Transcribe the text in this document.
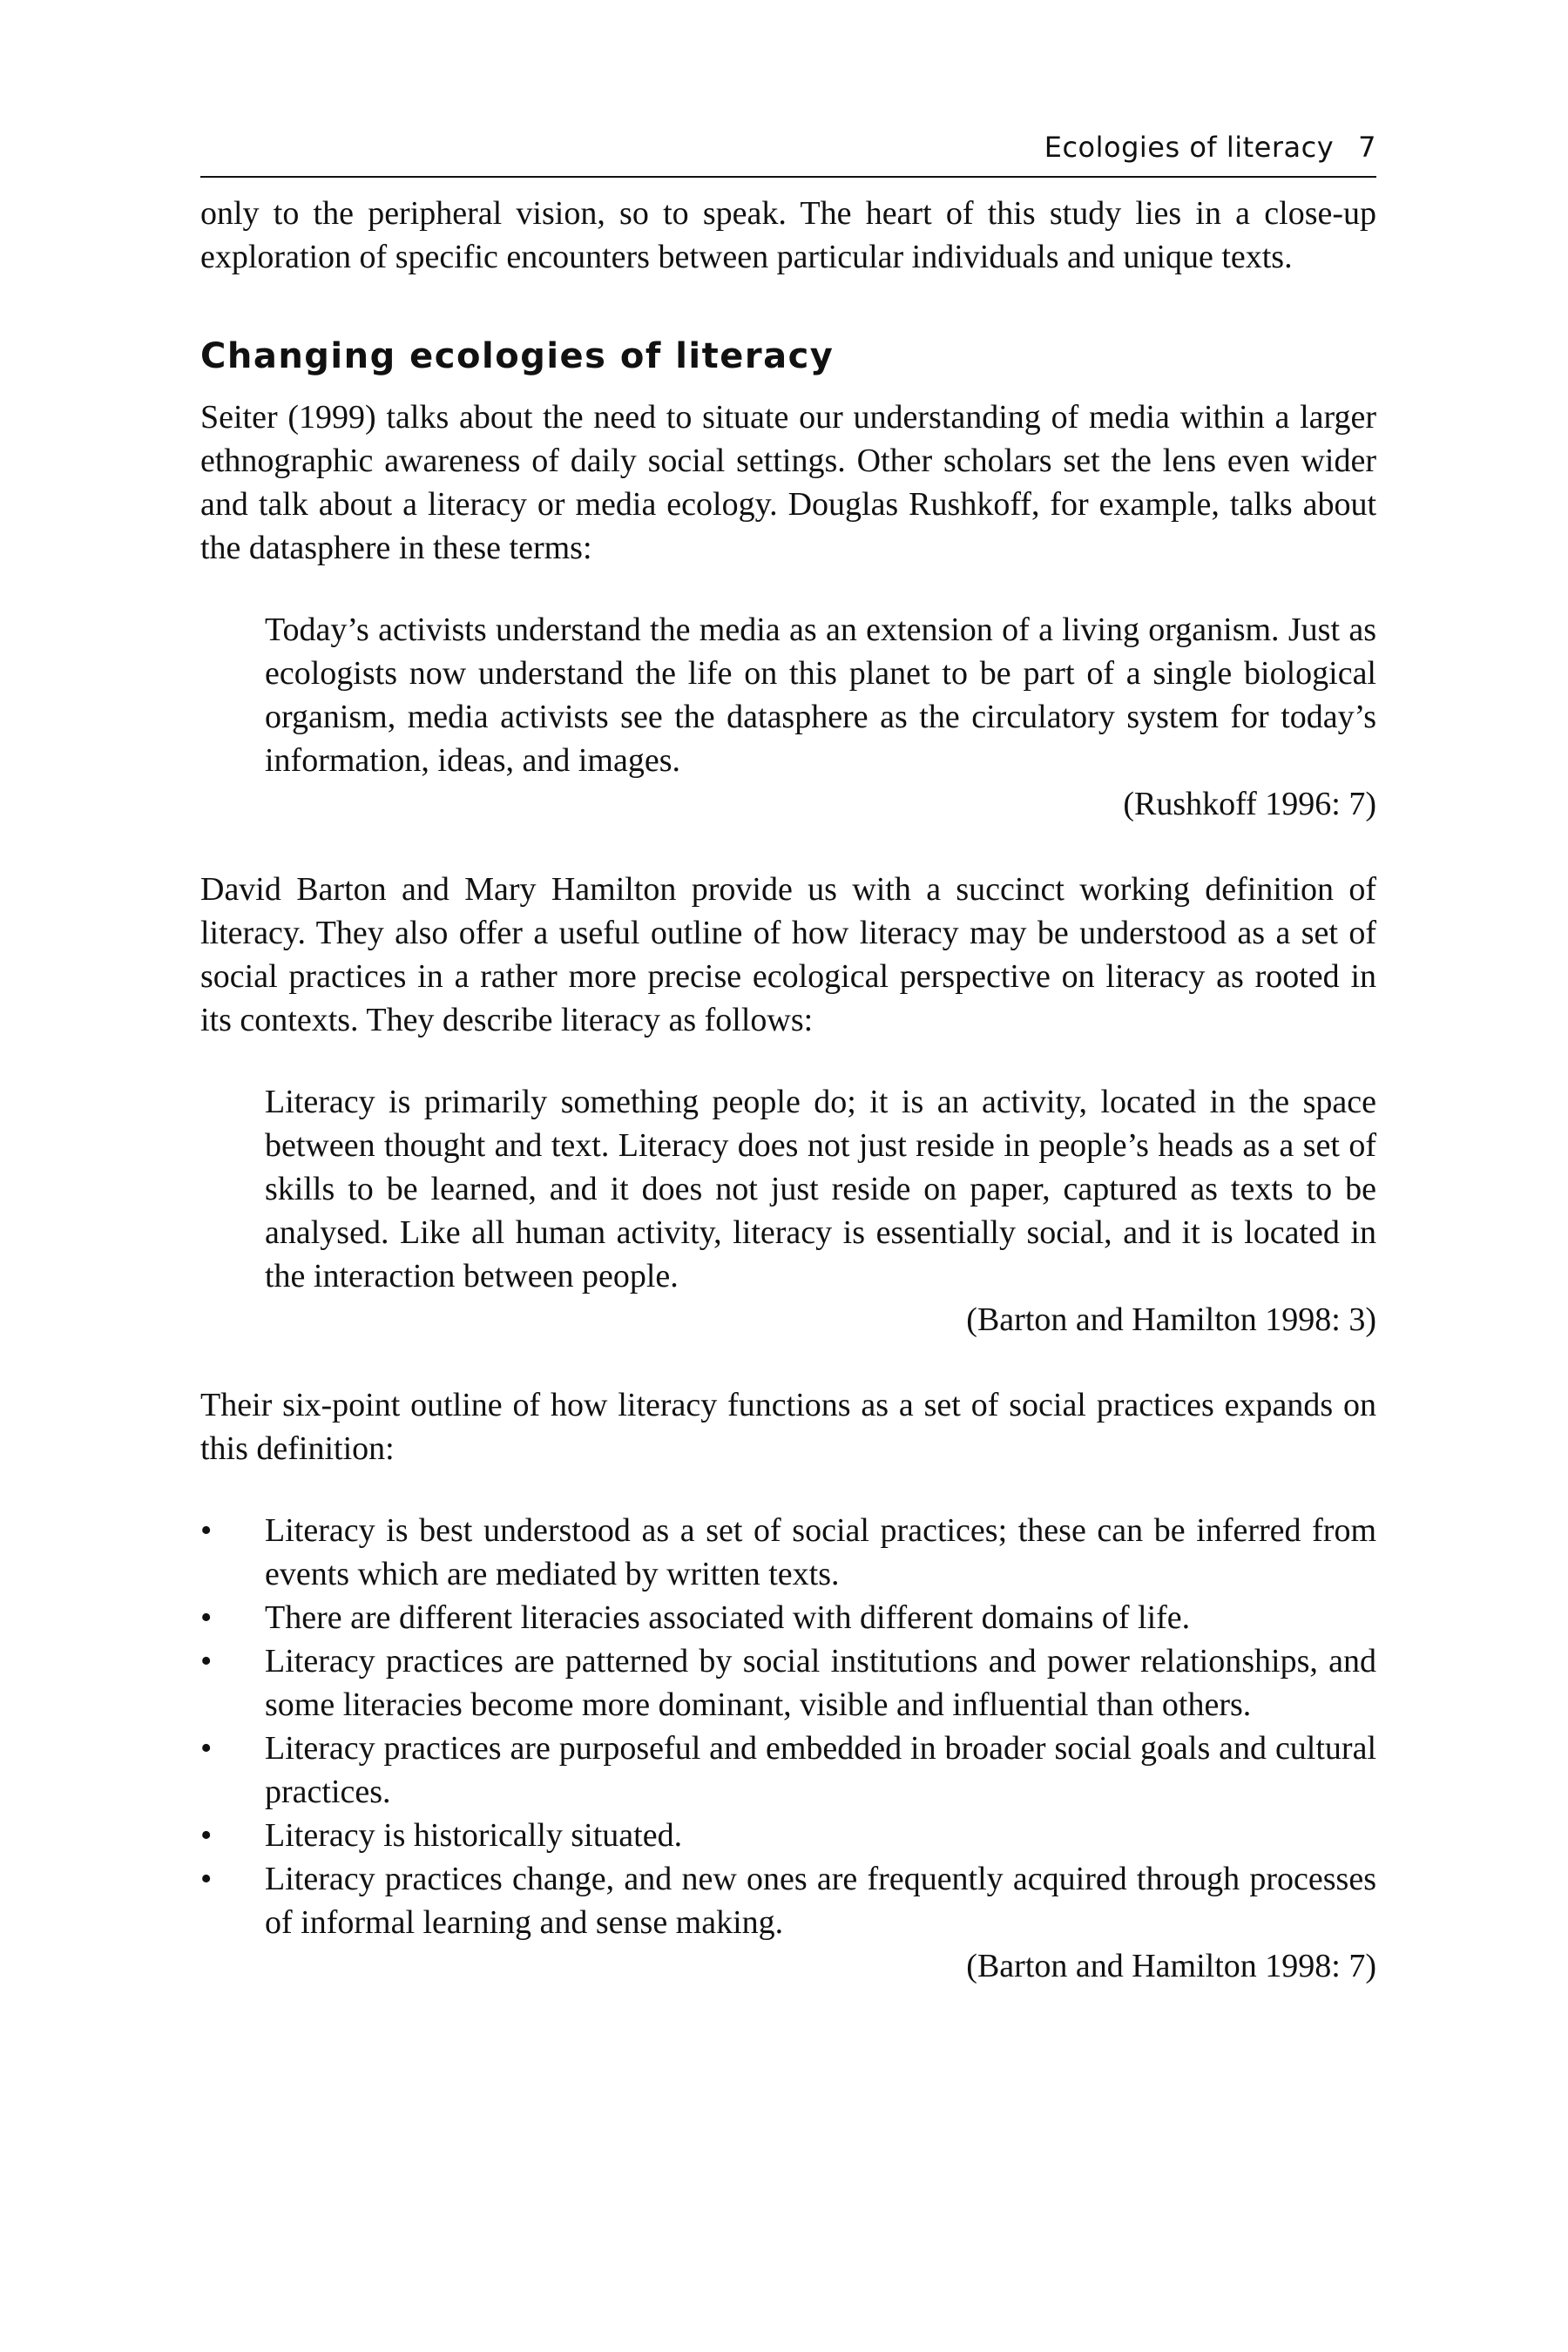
Ecologies of literacy 7

only to the peripheral vision, so to speak. The heart of this study lies in a close-up exploration of specific encounters between particular individuals and unique texts.

Changing ecologies of literacy

Seiter (1999) talks about the need to situate our understanding of media within a larger ethnographic awareness of daily social settings. Other scholars set the lens even wider and talk about a literacy or media ecology. Douglas Rushkoff, for example, talks about the datasphere in these terms:

Today’s activists understand the media as an extension of a living organism. Just as ecologists now understand the life on this planet to be part of a single biological organism, media activists see the datasphere as the circulatory system for today’s information, ideas, and images.

(Rushkoff 1996: 7)

David Barton and Mary Hamilton provide us with a succinct working definition of literacy. They also offer a useful outline of how literacy may be understood as a set of social practices in a rather more precise ecological perspective on literacy as rooted in its contexts. They describe literacy as follows:

Literacy is primarily something people do; it is an activity, located in the space between thought and text. Literacy does not just reside in people’s heads as a set of skills to be learned, and it does not just reside on paper, captured as texts to be analysed. Like all human activity, literacy is essentially social, and it is located in the interaction between people.

(Barton and Hamilton 1998: 3)

Their six-point outline of how literacy functions as a set of social practices expands on this definition:

• Literacy is best understood as a set of social practices; these can be inferred from events which are mediated by written texts.
• There are different literacies associated with different domains of life.
• Literacy practices are patterned by social institutions and power relationships, and some literacies become more dominant, visible and influential than others.
• Literacy practices are purposeful and embedded in broader social goals and cultural practices.
• Literacy is historically situated.
• Literacy practices change, and new ones are frequently acquired through processes of informal learning and sense making.
(Barton and Hamilton 1998: 7)
